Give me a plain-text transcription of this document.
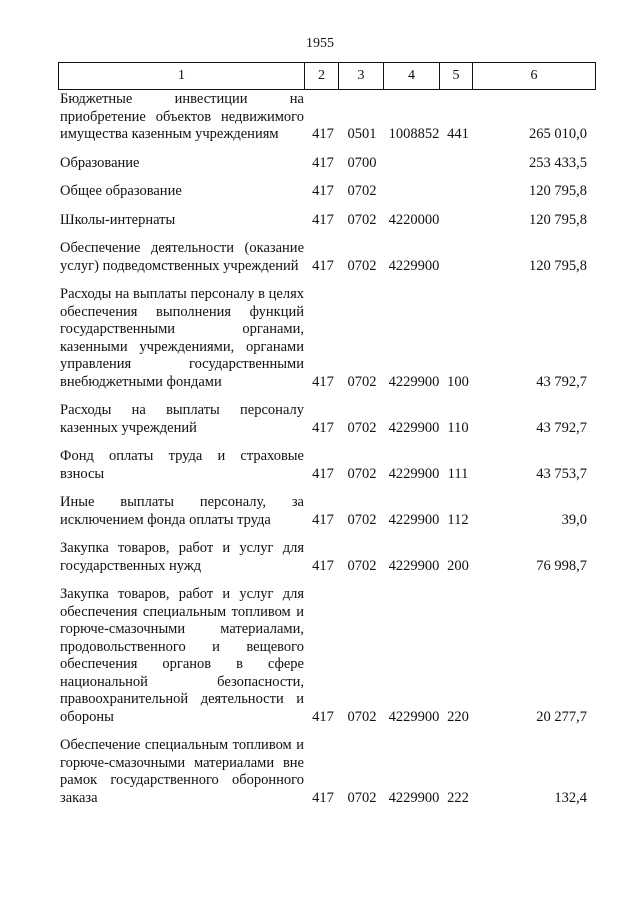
1955
1	2	3	4	5	6
Бюджетные инвестиции на приобретение объектов недвижимого имущества казенным учреждениям	417 0501 1008852 441	265 010,0
Образование	417 0700	253 433,5
Общее образование	417 0702	120 795,8
Школы-интернаты	417 0702 4220000	120 795,8
Обеспечение деятельности (оказание услуг) подведомственных учреждений 417 0702 4229900	120 795,8
Расходы на выплаты персоналу в целях обеспечения выполнения функций государственными органами, казенными учреждениями, органами управления государственными внебюджетными фондами	417 0702 4229900 100	43 792,7
Расходы на выплаты персоналу казенных учреждений	417 0702 4229900 110	43 792,7
Фонд оплаты труда и страховые взносы	417 0702 4229900 111	43 753,7
Иные выплаты персоналу, за исключением фонда оплаты труда	417 0702 4229900 112	39,0
Закупка товаров, работ и услуг для государственных нужд	417 0702 4229900 200	76 998,7
Закупка товаров, работ и услуг для обеспечения специальным топливом и горюче-смазочными материалами, продовольственного и вещевого обеспечения органов в сфере национальной безопасности, правоохранительной деятельности и обороны	417 0702 4229900 220	20 277,7
Обеспечение специальным топливом и горюче-смазочными материалами вне рамок государственного оборонного заказа	417 0702 4229900 222	132,4
